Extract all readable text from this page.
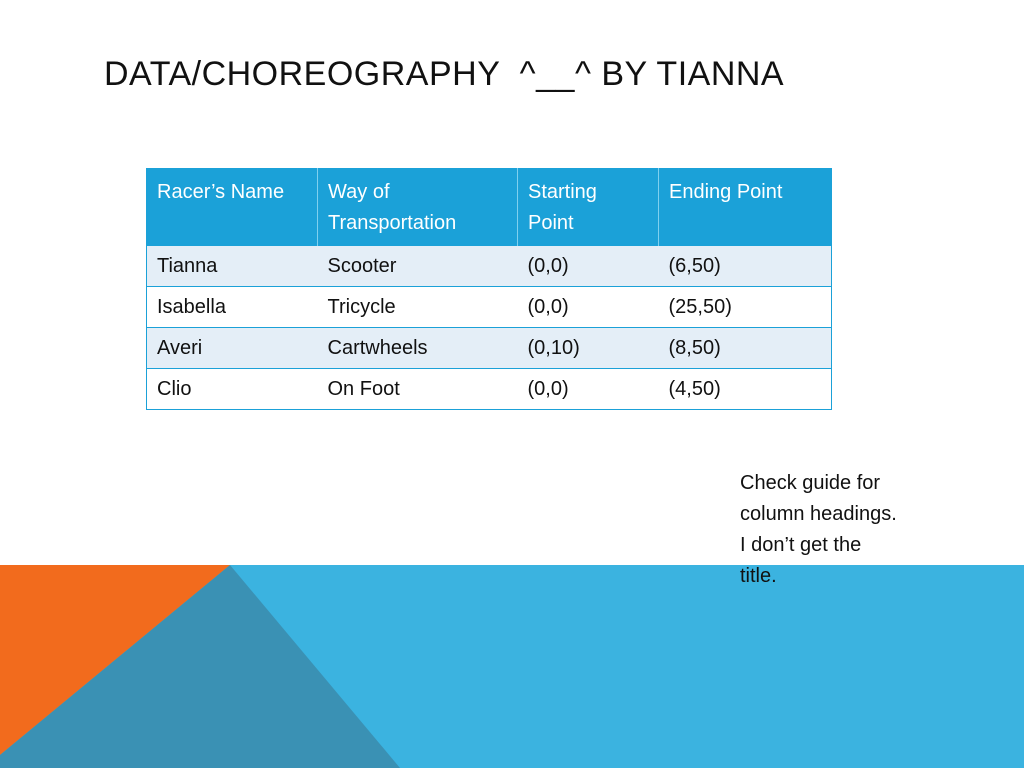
DATA/CHOREOGRAPHY  ^__^ BY TIANNA
Racer’s Name	Way of Transportation	Starting Point	Ending Point
Tianna	Scooter	(0,0)	(6,50)
Isabella	Tricycle	(0,0)	(25,50)
Averi	Cartwheels	(0,10)	(8,50)
Clio	On Foot	(0,0)	(4,50)

Check guide for column headings. I don’t get the title.
